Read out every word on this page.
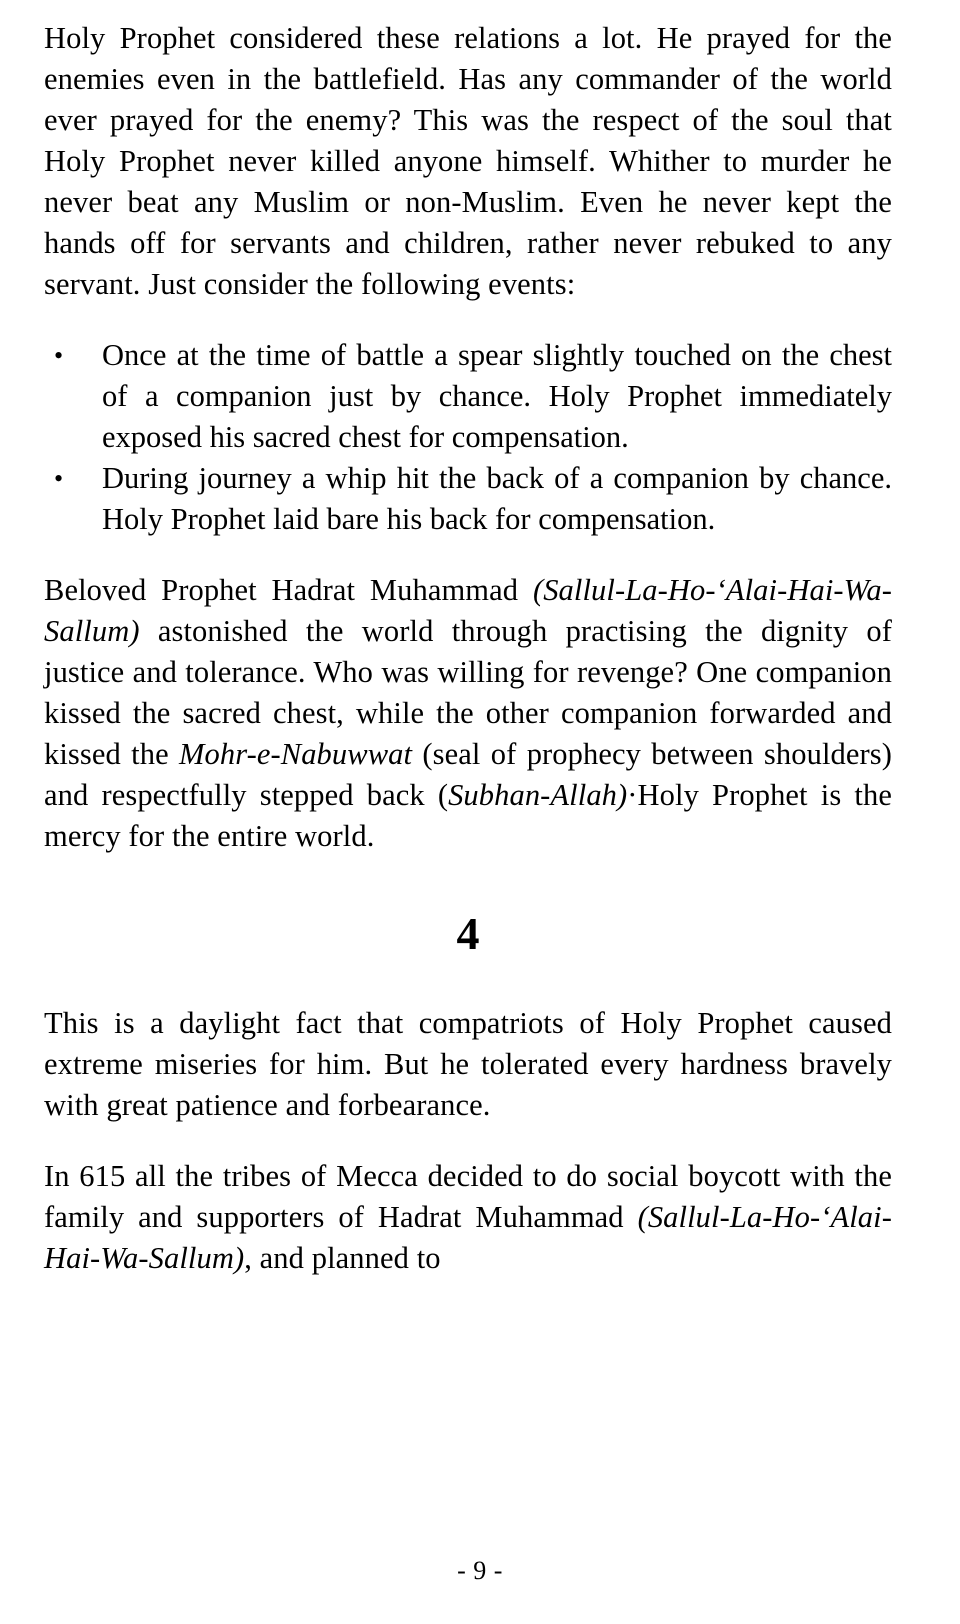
Holy Prophet considered these relations a lot. He prayed for the enemies even in the battlefield. Has any commander of the world ever prayed for the enemy? This was the respect of the soul that Holy Prophet never killed anyone himself. Whither to murder he never beat any Muslim or non-Muslim. Even he never kept the hands off for servants and children, rather never rebuked to any servant. Just consider the following events:

• Once at the time of battle a spear slightly touched on the chest of a companion just by chance. Holy Prophet immediately exposed his sacred chest for compensation.
• During journey a whip hit the back of a companion by chance. Holy Prophet laid bare his back for compensation.

Beloved Prophet Hadrat Muhammad (Sallul-La-Ho-‘Alai-Hai-Wa-Sallum) astonished the world through practising the dignity of justice and tolerance. Who was willing for revenge? One companion kissed the sacred chest, while the other companion forwarded and kissed the Mohr-e-Nabuwwat (seal of prophecy between shoulders) and respectfully stepped back (Subhan-Allah)·Holy Prophet is the mercy for the entire world.

4

This is a daylight fact that compatriots of Holy Prophet caused extreme miseries for him. But he tolerated every hardness bravely with great patience and forbearance.

In 615 all the tribes of Mecca decided to do social boycott with the family and supporters of Hadrat Muhammad (Sallul-La-Ho-‘Alai-Hai-Wa-Sallum), and planned to

- 9 -
